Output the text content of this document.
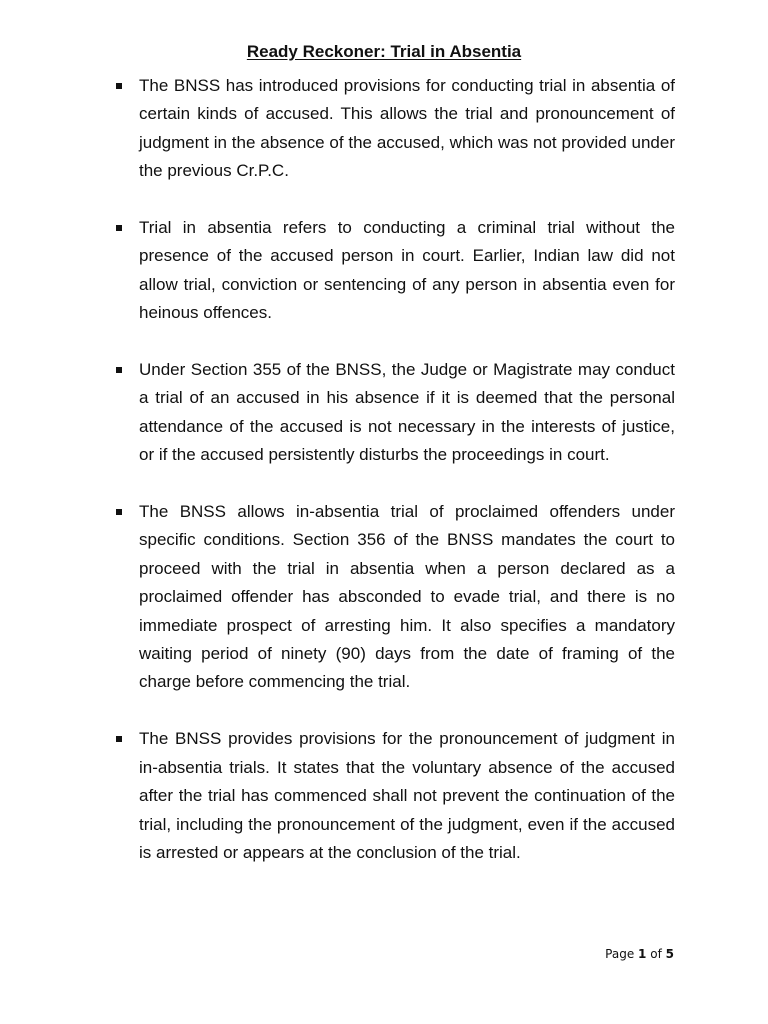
Ready Reckoner: Trial in Absentia
The BNSS has introduced provisions for conducting trial in absentia of certain kinds of accused. This allows the trial and pronouncement of judgment in the absence of the accused, which was not provided under the previous Cr.P.C.
Trial in absentia refers to conducting a criminal trial without the presence of the accused person in court. Earlier, Indian law did not allow trial, conviction or sentencing of any person in absentia even for heinous offences.
Under Section 355 of the BNSS, the Judge or Magistrate may conduct a trial of an accused in his absence if it is deemed that the personal attendance of the accused is not necessary in the interests of justice, or if the accused persistently disturbs the proceedings in court.
The BNSS allows in-absentia trial of proclaimed offenders under specific conditions. Section 356 of the BNSS mandates the court to proceed with the trial in absentia when a person declared as a proclaimed offender has absconded to evade trial, and there is no immediate prospect of arresting him. It also specifies a mandatory waiting period of ninety (90) days from the date of framing of the charge before commencing the trial.
The BNSS provides provisions for the pronouncement of judgment in in-absentia trials. It states that the voluntary absence of the accused after the trial has commenced shall not prevent the continuation of the trial, including the pronouncement of the judgment, even if the accused is arrested or appears at the conclusion of the trial.
Page 1 of 5
